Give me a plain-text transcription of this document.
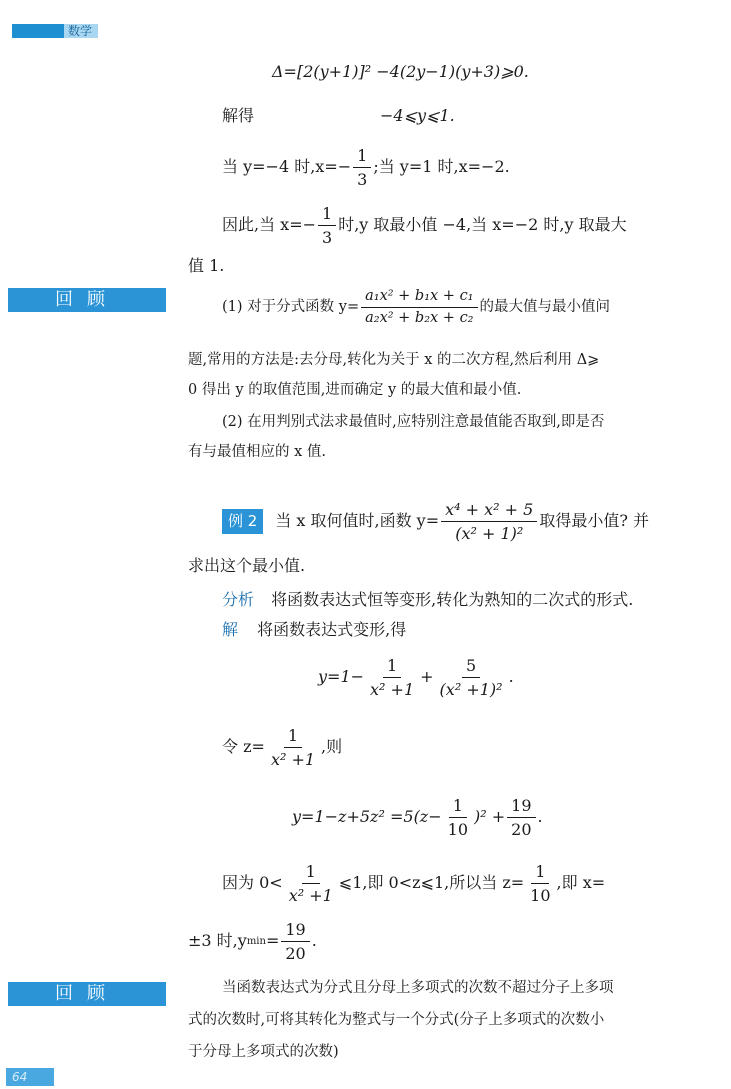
数学
Δ=[2(y+1)]² −4(2y−1)(y+3)⩾0.
解得	−4⩽y⩽1.
当 y=−4 时$,x=- \frac{1}{3}$ ;当 y=1 时,x=−2.
因此,当 $x=- \frac{1}{3}$ 时,y 取最小值 −4,当 x=−2 时,y 取最大
值 1.
回顾	(1) 对于分式函数 $y= \frac{\text{a₁x² + b₁x + c₁}}{\text{a₂x² + b₂x + c₂}}$ 的最大值与最小值问
题,常用的方法是:去分母,转化为关于 x 的二次方程,然后利用 Δ⩾
0 得出 y 的取值范围,进而确定 y 的最大值和最小值.
(2) 在用判别式法求最值时,应特别注意最值能否取到,即是否
有与最值相应的 x 值.
例 2	当 x 取何值时,函数 $y= \frac{\text{x⁴ + x² + 5}}{\text{(x² + 1)²}}$ 取得最小值? 并
求出这个最小值.
分析 将函数表达式恒等变形,转化为熟知的二次式的形式.
解 将函数表达式变形,得
$y=1- \frac{1}{\text{x² +1}} + \frac{5}{\text{(x² +1)²}}$ .
令 $z= \frac{1}{\text{x² +1}}$ ,则
$y=1-z+5z^2 =5(z- \frac{1}{10} )^2 + \frac{19}{20}$ .
因为 $0< \frac{1}{\text{x² +1}}$ ⩽1,即 0<z⩽1,所以当 $z= \frac{1}{10}$ ,即 x=
±3 时,y $\min = \frac{19}{20}$ .
回顾	当函数表达式为分式且分母上多项式的次数不超过分子上多项
式的次数时,可将其转化为整式与一个分式(分子上多项式的次数小
于分母上多项式的次数)
64
